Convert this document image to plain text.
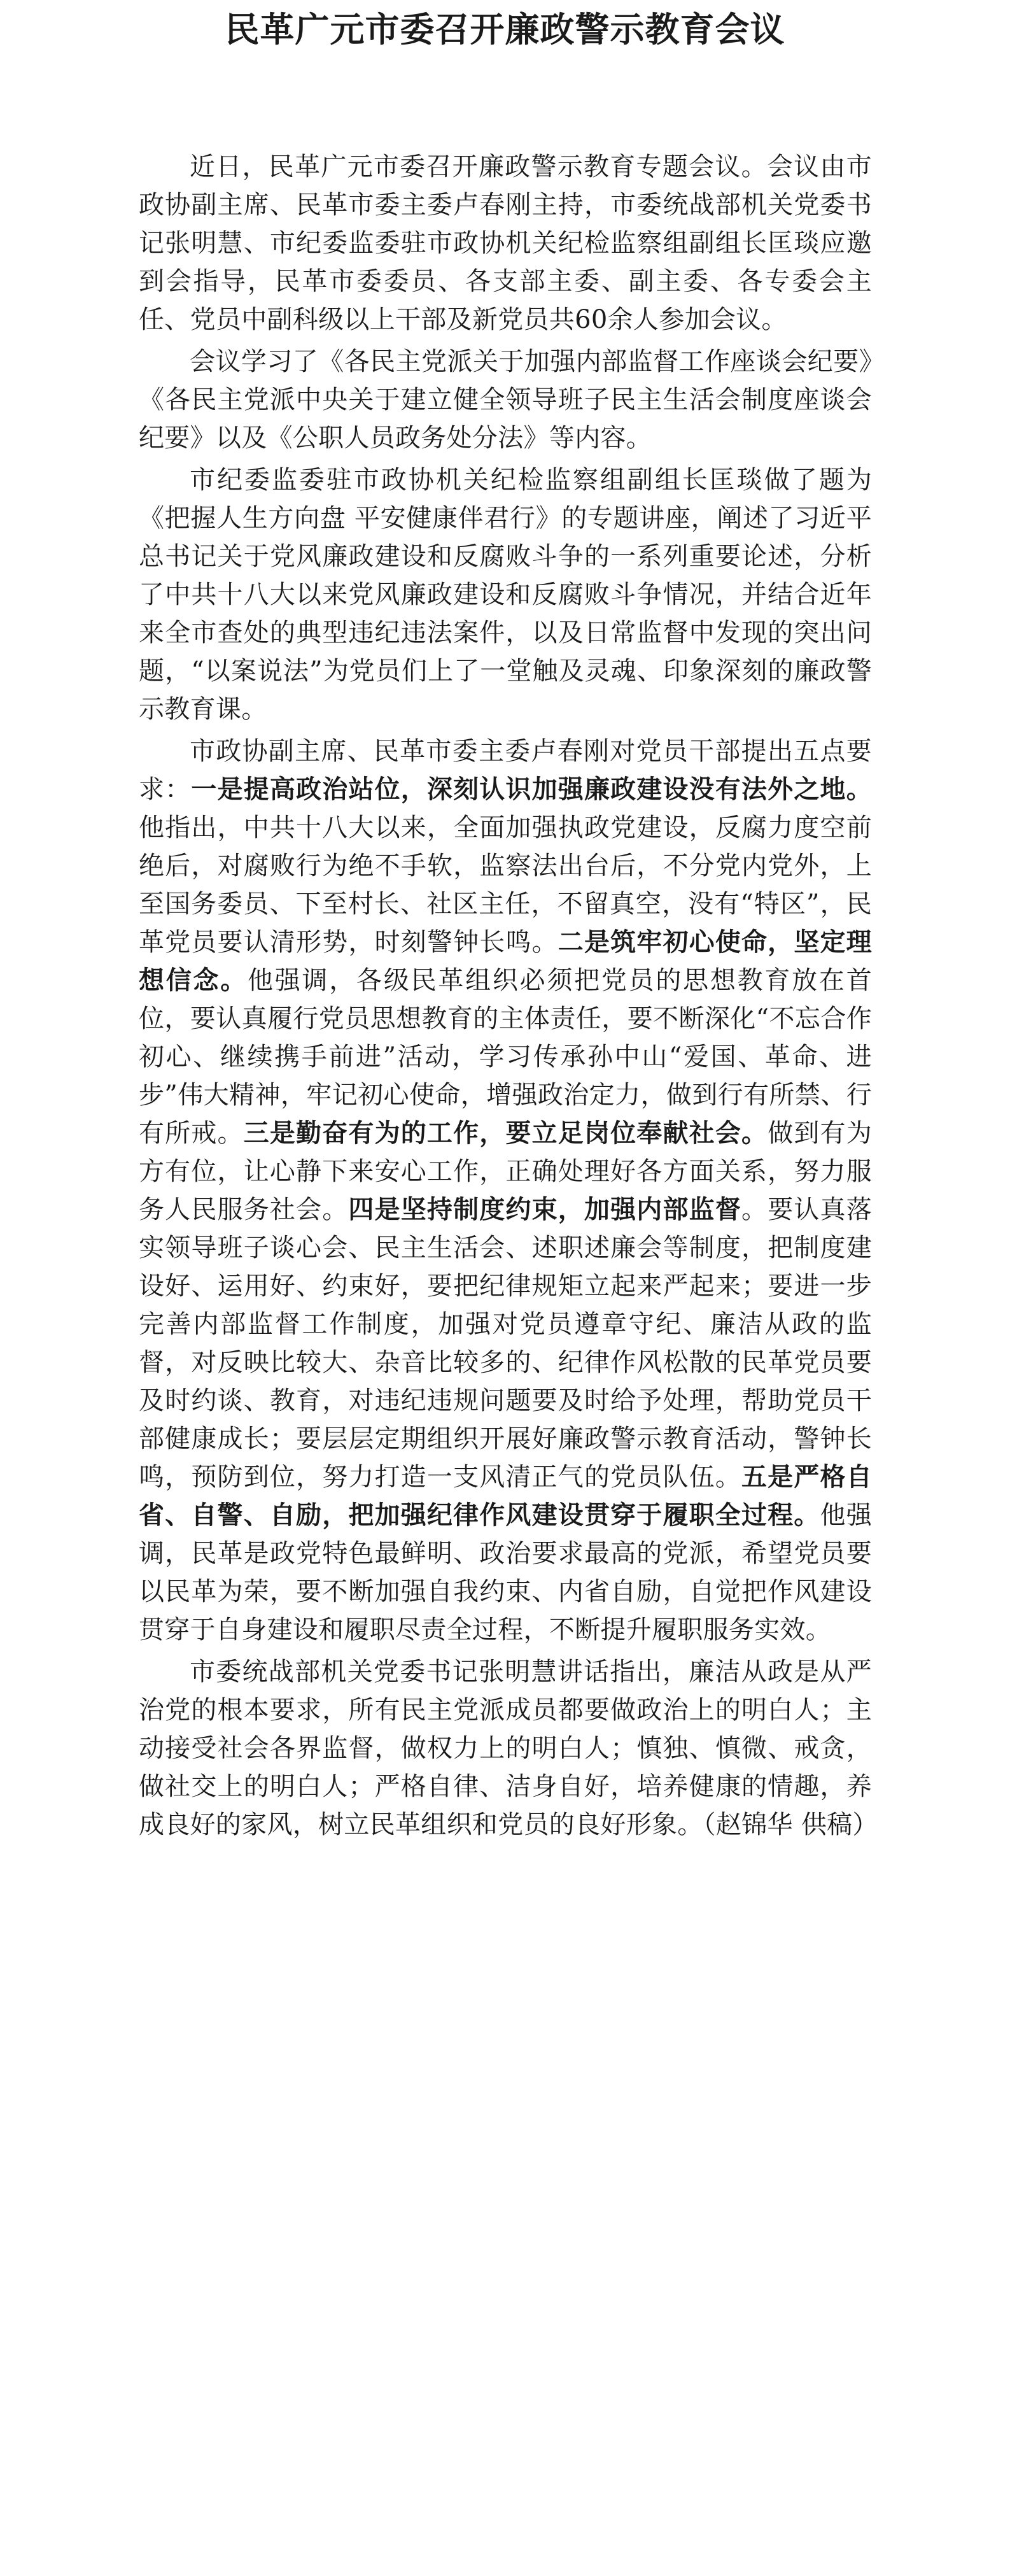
民革广元市委召开廉政警示教育会议

近日，民革广元市委召开廉政警示教育专题会议。会议由市政协副主席、民革市委主委卢春刚主持，市委统战部机关党委书记张明慧、市纪委监委驻市政协机关纪检监察组副组长匡琰应邀到会指导，民革市委委员、各支部主委、副主委、各专委会主任、党员中副科级以上干部及新党员共60余人参加会议。

会议学习了《各民主党派关于加强内部监督工作座谈会纪要》《各民主党派中央关于建立健全领导班子民主生活会制度座谈会纪要》以及《公职人员政务处分法》等内容。

市纪委监委驻市政协机关纪检监察组副组长匡琰做了题为《把握人生方向盘 平安健康伴君行》的专题讲座，阐述了习近平总书记关于党风廉政建设和反腐败斗争的一系列重要论述，分析了中共十八大以来党风廉政建设和反腐败斗争情况，并结合近年来全市查处的典型违纪违法案件，以及日常监督中发现的突出问题，“以案说法”为党员们上了一堂触及灵魂、印象深刻的廉政警示教育课。

市政协副主席、民革市委主委卢春刚对党员干部提出五点要求：一是提高政治站位，深刻认识加强廉政建设没有法外之地。他指出，中共十八大以来，全面加强执政党建设，反腐力度空前绝后，对腐败行为绝不手软，监察法出台后，不分党内党外，上至国务委员、下至村长、社区主任，不留真空，没有“特区”，民革党员要认清形势，时刻警钟长鸣。二是筑牢初心使命，坚定理想信念。他强调，各级民革组织必须把党员的思想教育放在首位，要认真履行党员思想教育的主体责任，要不断深化“不忘合作初心、继续携手前进”活动，学习传承孙中山“爱国、革命、进步”伟大精神，牢记初心使命，增强政治定力，做到行有所禁、行有所戒。三是勤奋有为的工作，要立足岗位奉献社会。做到有为方有位，让心静下来安心工作，正确处理好各方面关系，努力服务人民服务社会。四是坚持制度约束，加强内部监督。要认真落实领导班子谈心会、民主生活会、述职述廉会等制度，把制度建设好、运用好、约束好，要把纪律规矩立起来严起来；要进一步完善内部监督工作制度，加强对党员遵章守纪、廉洁从政的监督，对反映比较大、杂音比较多的、纪律作风松散的民革党员要及时约谈、教育，对违纪违规问题要及时给予处理，帮助党员干部健康成长；要层层定期组织开展好廉政警示教育活动，警钟长鸣，预防到位，努力打造一支风清正气的党员队伍。五是严格自省、自警、自励，把加强纪律作风建设贯穿于履职全过程。他强调，民革是政党特色最鲜明、政治要求最高的党派，希望党员要以民革为荣，要不断加强自我约束、内省自励，自觉把作风建设贯穿于自身建设和履职尽责全过程，不断提升履职服务实效。

市委统战部机关党委书记张明慧讲话指出，廉洁从政是从严治党的根本要求，所有民主党派成员都要做政治上的明白人；主动接受社会各界监督，做权力上的明白人；慎独、慎微、戒贪，做社交上的明白人；严格自律、洁身自好，培养健康的情趣，养成良好的家风，树立民革组织和党员的良好形象。（赵锦华 供稿）
